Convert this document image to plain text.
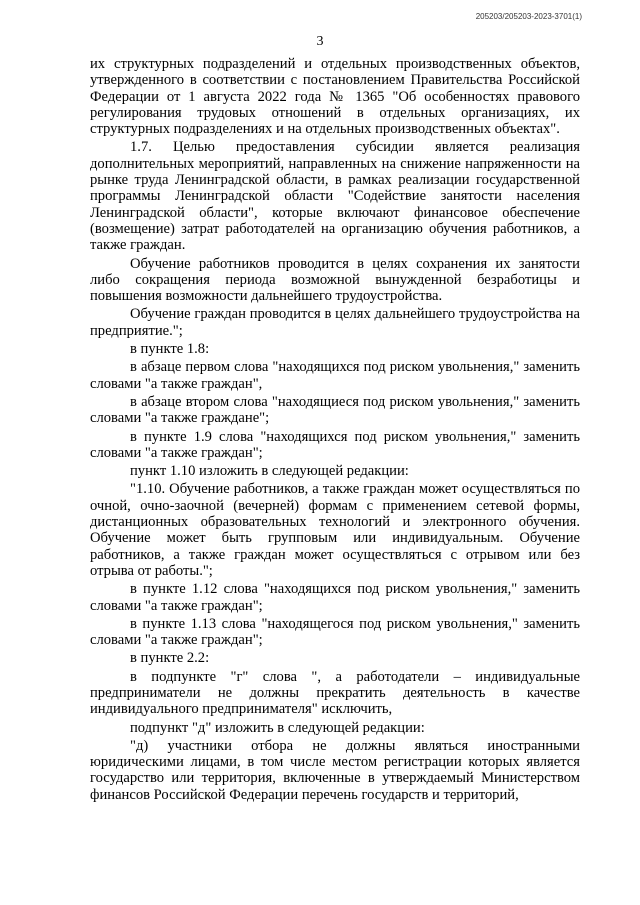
205203/205203-2023-3701(1)
3

их структурных подразделений и отдельных производственных объектов, утвержденного в соответствии с постановлением Правительства Российской Федерации от 1 августа 2022 года № 1365 "Об особенностях правового регулирования трудовых отношений в отдельных организациях, их структурных подразделениях и на отдельных производственных объектах".

1.7. Целью предоставления субсидии является реализация дополнительных мероприятий, направленных на снижение напряженности на рынке труда Ленинградской области, в рамках реализации государственной программы Ленинградской области "Содействие занятости населения Ленинградской области", которые включают финансовое обеспечение (возмещение) затрат работодателей на организацию обучения работников, а также граждан.

Обучение работников проводится в целях сохранения их занятости либо сокращения периода возможной вынужденной безработицы и повышения возможности дальнейшего трудоустройства.

Обучение граждан проводится в целях дальнейшего трудоустройства на предприятие.";

в пункте 1.8:

в абзаце первом слова "находящихся под риском увольнения," заменить словами "а также граждан",

в абзаце втором слова "находящиеся под риском увольнения," заменить словами "а также граждане";

в пункте 1.9 слова "находящихся под риском увольнения," заменить словами "а также граждан";

пункт 1.10 изложить в следующей редакции:

"1.10. Обучение работников, а также граждан может осуществляться по очной, очно-заочной (вечерней) формам с применением сетевой формы, дистанционных образовательных технологий и электронного обучения. Обучение может быть групповым или индивидуальным. Обучение работников, а также граждан может осуществляться с отрывом или без отрыва от работы.";

в пункте 1.12 слова "находящихся под риском увольнения," заменить словами "а также граждан";

в пункте 1.13 слова "находящегося под риском увольнения," заменить словами "а также граждан";

в пункте 2.2:

в подпункте "г" слова ", а работодатели – индивидуальные предприниматели не должны прекратить деятельность в качестве индивидуального предпринимателя" исключить,

подпункт "д" изложить в следующей редакции:

"д) участники отбора не должны являться иностранными юридическими лицами, в том числе местом регистрации которых является государство или территория, включенные в утверждаемый Министерством финансов Российской Федерации перечень государств и территорий,
